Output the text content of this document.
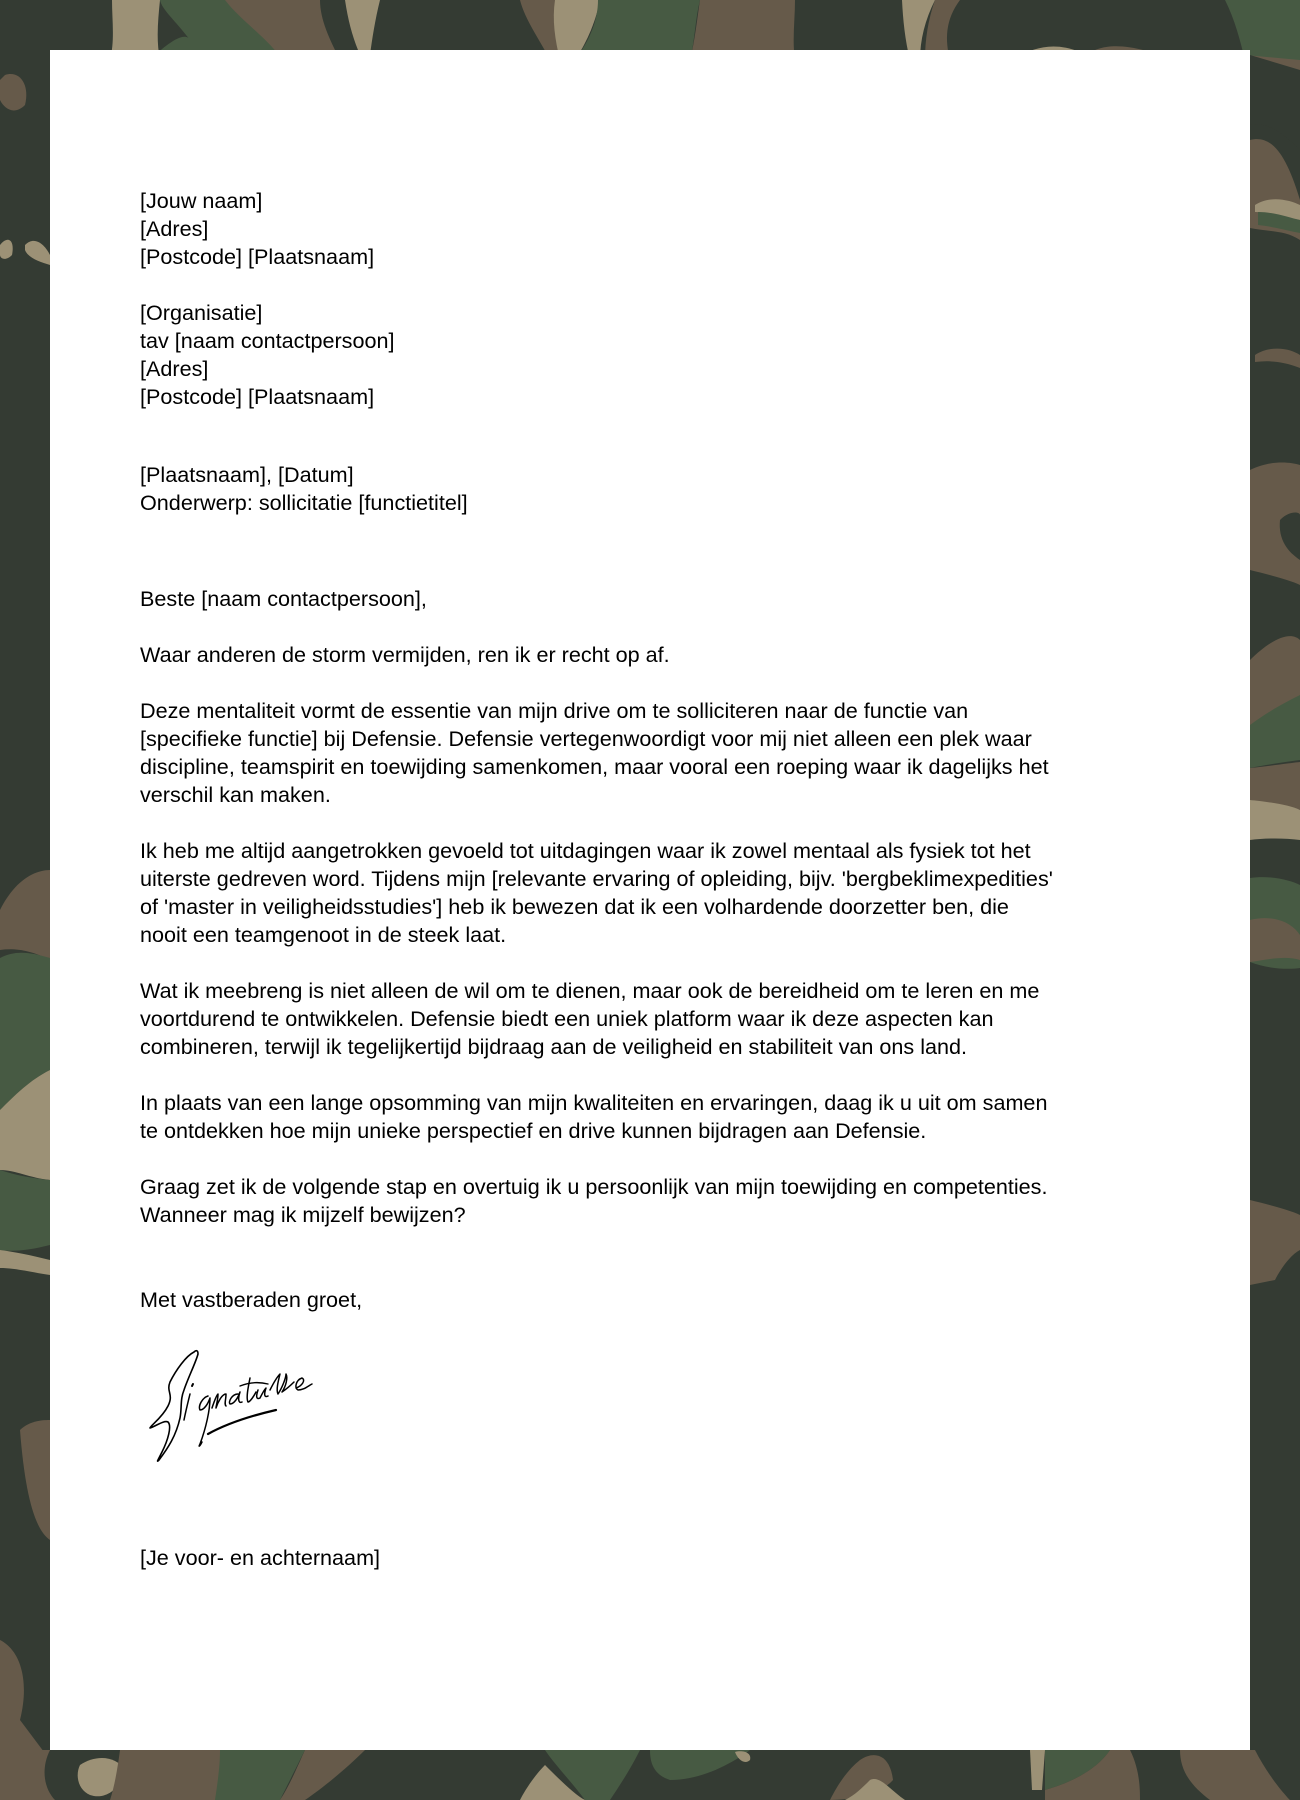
[Jouw naam]
[Adres]
[Postcode] [Plaatsnaam]
[Organisatie]
tav [naam contactpersoon]
[Adres]
[Postcode] [Plaatsnaam]
[Plaatsnaam], [Datum]
Onderwerp: sollicitatie [functietitel]
Beste [naam contactpersoon],
Waar anderen de storm vermijden, ren ik er recht op af.
Deze mentaliteit vormt de essentie van mijn drive om te solliciteren naar de functie van
[specifieke functie] bij Defensie. Defensie vertegenwoordigt voor mij niet alleen een plek waar
discipline, teamspirit en toewijding samenkomen, maar vooral een roeping waar ik dagelijks het
verschil kan maken.
Ik heb me altijd aangetrokken gevoeld tot uitdagingen waar ik zowel mentaal als fysiek tot het
uiterste gedreven word. Tijdens mijn [relevante ervaring of opleiding, bijv. 'bergbeklimexpedities'
of 'master in veiligheidsstudies'] heb ik bewezen dat ik een volhardende doorzetter ben, die
nooit een teamgenoot in de steek laat.
Wat ik meebreng is niet alleen de wil om te dienen, maar ook de bereidheid om te leren en me
voortdurend te ontwikkelen. Defensie biedt een uniek platform waar ik deze aspecten kan
combineren, terwijl ik tegelijkertijd bijdraag aan de veiligheid en stabiliteit van ons land.
In plaats van een lange opsomming van mijn kwaliteiten en ervaringen, daag ik u uit om samen
te ontdekken hoe mijn unieke perspectief en drive kunnen bijdragen aan Defensie.
Graag zet ik de volgende stap en overtuig ik u persoonlijk van mijn toewijding en competenties.
Wanneer mag ik mijzelf bewijzen?
Met vastberaden groet,
[Je voor- en achternaam]
